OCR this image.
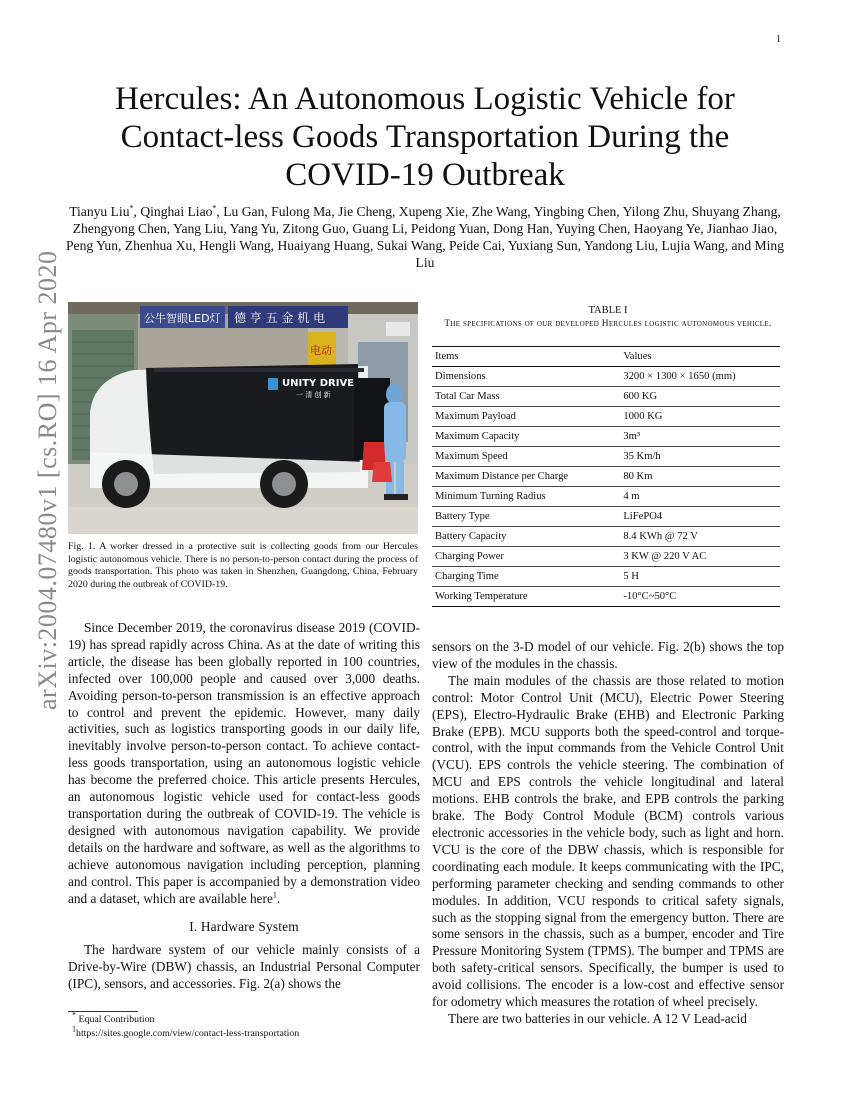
1
arXiv:2004.07480v1 [cs.RO] 16 Apr 2020
Hercules: An Autonomous Logistic Vehicle for Contact-less Goods Transportation During the COVID-19 Outbreak
Tianyu Liu*, Qinghai Liao*, Lu Gan, Fulong Ma, Jie Cheng, Xupeng Xie, Zhe Wang, Yingbing Chen, Yilong Zhu, Shuyang Zhang, Zhengyong Chen, Yang Liu, Yang Yu, Zitong Guo, Guang Li, Peidong Yuan, Dong Han, Yuying Chen, Haoyang Ye, Jianhao Jiao, Peng Yun, Zhenhua Xu, Hengli Wang, Huaiyang Huang, Sukai Wang, Peide Cai, Yuxiang Sun, Yandong Liu, Lujia Wang, and Ming Liu
公牛智眼LED灯 德 亨 五 金 机 电
电动
UNITY DRIVE
一 清 创 新
Fig. 1. A worker dressed in a protective suit is collecting goods from our Hercules logistic autonomous vehicle. There is no person-to-person contact during the process of goods transportation. This photo was taken in Shenzhen, Guangdong, China, February 2020 during the outbreak of COVID-19.
TABLE I
The specifications of our developed Hercules logistic autonomous vehicle.
Items	Values
Dimensions	3200 × 1300 × 1650 (mm)
Total Car Mass	600 KG
Maximum Payload	1000 KG
Maximum Capacity	3m³
Maximum Speed	35 Km/h
Maximum Distance per Charge	80 Km
Minimum Turning Radius	4 m
Battery Type	LiFePO4
Battery Capacity	8.4 KWh @ 72 V
Charging Power	3 KW @ 220 V AC
Charging Time	5 H
Working Temperature	-10°C~50°C

Since December 2019, the coronavirus disease 2019 (COVID-19) has spread rapidly across China. As at the date of writing this article, the disease has been globally reported in 100 countries, infected over 100,000 people and caused over 3,000 deaths. Avoiding person-to-person transmission is an effective approach to control and prevent the epidemic. However, many daily activities, such as logistics transporting goods in our daily life, inevitably involve person-to-person contact. To achieve contact-less goods transportation, using an autonomous logistic vehicle has become the preferred choice. This article presents Hercules, an autonomous logistic vehicle used for contact-less goods transportation during the outbreak of COVID-19. The vehicle is designed with autonomous navigation capability. We provide details on the hardware and software, as well as the algorithms to achieve autonomous navigation including perception, planning and control. This paper is accompanied by a demonstration video and a dataset, which are available here$^1$.

I. Hardware System

The hardware system of our vehicle mainly consists of a Drive-by-Wire (DBW) chassis, an Industrial Personal Computer (IPC), sensors, and accessories. Fig. 2(a) shows the

sensors on the 3-D model of our vehicle. Fig. 2(b) shows the top view of the modules in the chassis.

The main modules of the chassis are those related to motion control: Motor Control Unit (MCU), Electric Power Steering (EPS), Electro-Hydraulic Brake (EHB) and Electronic Parking Brake (EPB). MCU supports both the speed-control and torque-control, with the input commands from the Vehicle Control Unit (VCU). EPS controls the vehicle steering. The combination of MCU and EPS controls the vehicle longitudinal and lateral motions. EHB controls the brake, and EPB controls the parking brake. The Body Control Module (BCM) controls various electronic accessories in the vehicle body, such as light and horn. VCU is the core of the DBW chassis, which is responsible for coordinating each module. It keeps communicating with the IPC, performing parameter checking and sending commands to other modules. In addition, VCU responds to critical safety signals, such as the stopping signal from the emergency button. There are some sensors in the chassis, such as a bumper, encoder and Tire Pressure Monitoring System (TPMS). The bumper and TPMS are both safety-critical sensors. Specifically, the bumper is used to avoid collisions. The encoder is a low-cost and effective sensor for odometry which measures the rotation of wheel precisely.

There are two batteries in our vehicle. A 12 V Lead-acid

* Equal Contribution
$^1$https://sites.google.com/view/contact-less-transportation
